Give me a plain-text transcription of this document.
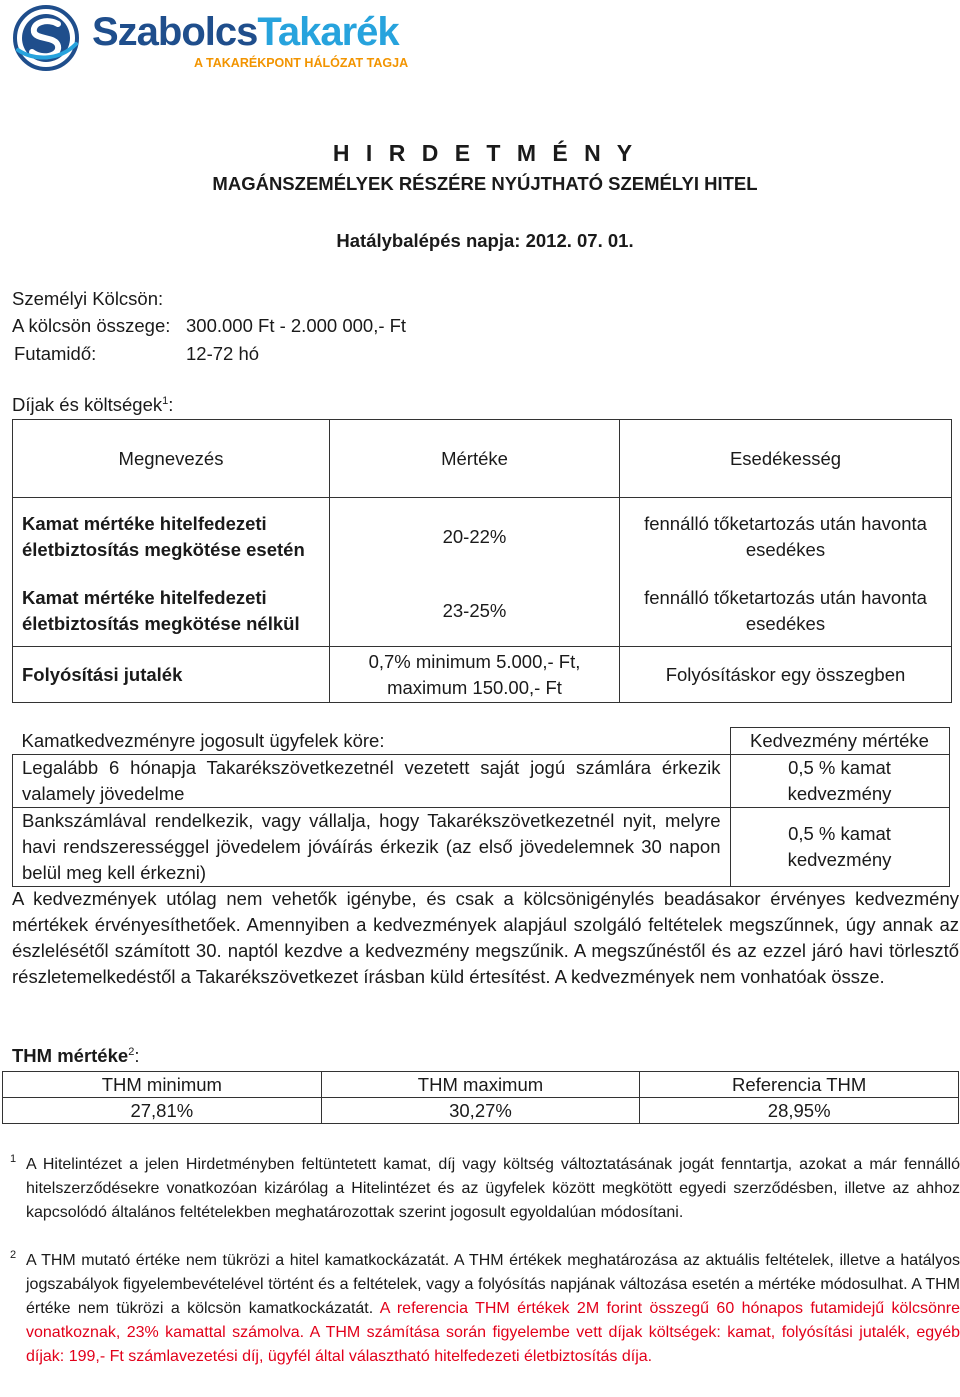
SzabolcsTakarék
A TAKARÉKPONT HÁLÓZAT TAGJA
H I R D E T M É N Y
MAGÁNSZEMÉLYEK RÉSZÉRE NYÚJTHATÓ SZEMÉLYI HITEL
Hatálybalépés napja: 2012. 07. 01.
Személyi Kölcsön:
A kölcsön összege: 300.000 Ft - 2.000 000,- Ft
Futamidő:	12-72 hó
Díjak és költségek$^1$:
Megnevezés	Mértéke	Esedékesség
Kamat mértéke hitelfedezeti életbiztosítás megkötése esetén	20-22%	fennálló tőketartozás után havonta esedékes
Kamat mértéke hitelfedezeti életbiztosítás megkötése nélkül	23-25%	fennálló tőketartozás után havonta esedékes
Folyósítási jutalék	0,7% minimum 5.000,- Ft, maximum 150.00,- Ft	Folyósításkor egy összegben
Kamatkedvezményre jogosult ügyfelek köre:	Kedvezmény mértéke
Legalább 6 hónapja Takarékszövetkezetnél vezetett saját jogú számlára érkezik valamely jövedelme	0,5 % kamat kedvezmény
Bankszámlával rendelkezik, vagy vállalja, hogy Takarékszövetkezetnél nyit, melyre havi rendszerességgel jövedelem jóváírás érkezik (az első jövedelemnek 30 napon belül meg kell érkezni)	0,5 % kamat kedvezmény
A kedvezmények utólag nem vehetők igénybe, és csak a kölcsönigénylés beadásakor érvényes kedvezmény mértékek érvényesíthetőek. Amennyiben a kedvezmények alapjául szolgáló feltételek megszűnnek, úgy annak az észlelésétől számított 30. naptól kezdve a kedvezmény megszűnik. A megszűnéstől és az ezzel járó havi törlesztő részletemelkedéstől a Takarékszövetkezet írásban küld értesítést. A kedvezmények nem vonhatóak össze.
THM mértéke$^2$:
THM minimum	THM maximum	Referencia THM
27,81%	30,27%	28,95%
1 A Hitelintézet a jelen Hirdetményben feltüntetett kamat, díj vagy költség változtatásának jogát fenntartja, azokat a már fennálló hitelszerződésekre vonatkozóan kizárólag a Hitelintézet és az ügyfelek között megkötött egyedi szerződésben, illetve az ahhoz kapcsolódó általános feltételekben meghatározottak szerint jogosult egyoldalúan módosítani.
2 A THM mutató értéke nem tükrözi a hitel kamatkockázatát. A THM értékek meghatározása az aktuális feltételek, illetve a hatályos jogszabályok figyelembevételével történt és a feltételek, vagy a folyósítás napjának változása esetén a mértéke módosulhat. A THM értéke nem tükrözi a kölcsön kamatkockázatát. A referencia THM értékek 2M forint összegű 60 hónapos futamidejű kölcsönre vonatkoznak, 23% kamattal számolva. A THM számítása során figyelembe vett díjak költségek: kamat, folyósítási jutalék, egyéb díjak: 199,- Ft számlavezetési díj, ügyfél által választható hitelfedezeti életbiztosítás díja.
